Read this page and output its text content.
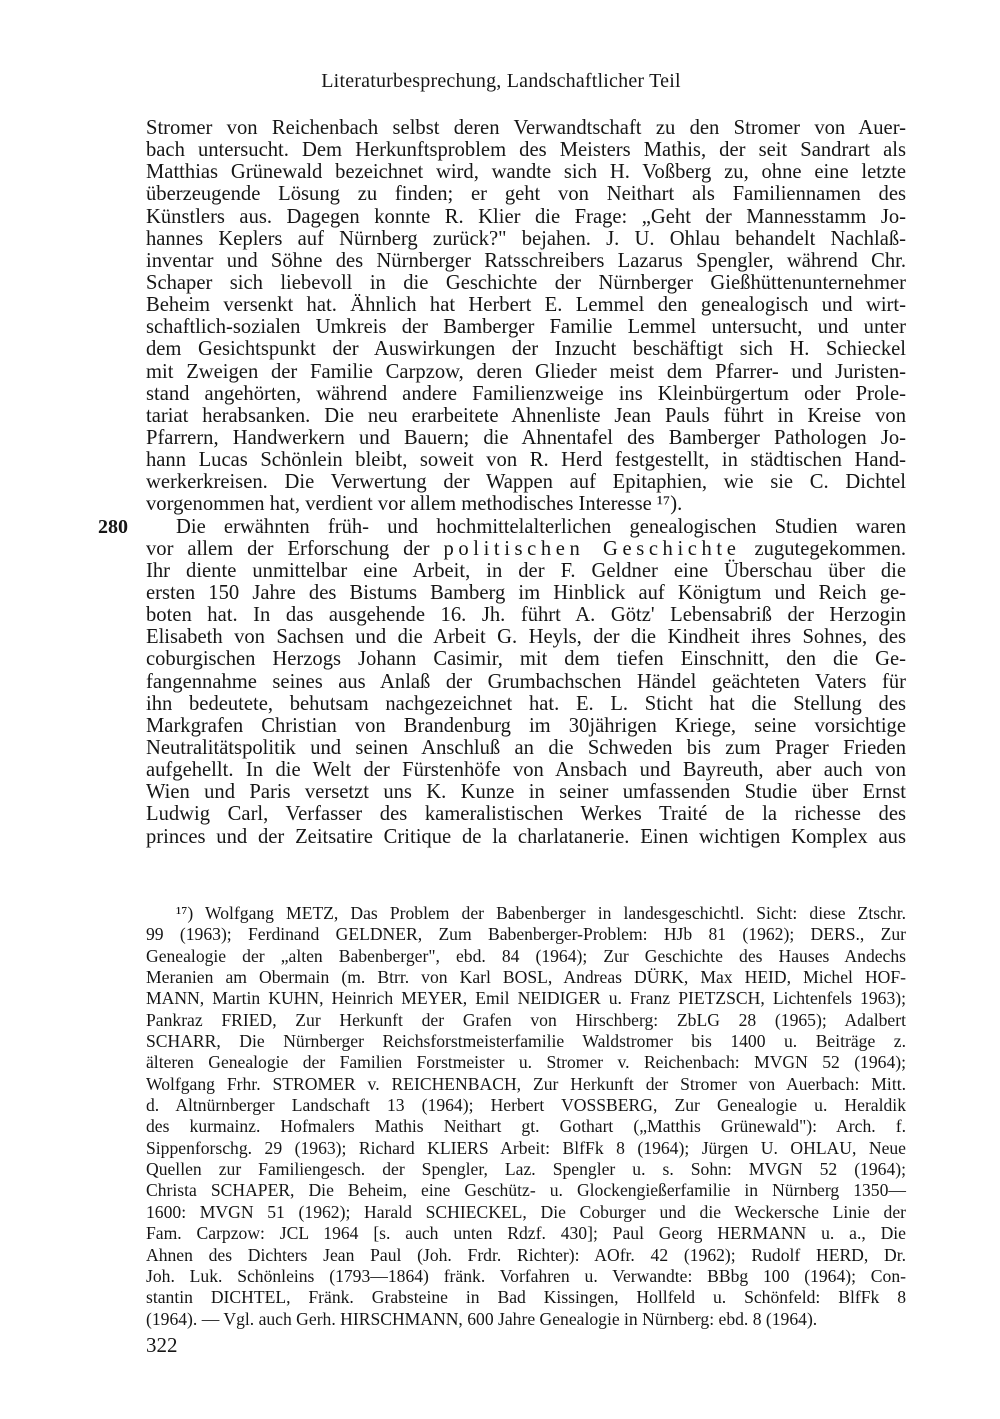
Literaturbesprechung, Landschaftlicher Teil
Stromer von Reichenbach selbst deren Verwandtschaft zu den Stromer von Auer-
bach untersucht. Dem Herkunftsproblem des Meisters Mathis, der seit Sandrart als
Matthias Grünewald bezeichnet wird, wandte sich H. Voßberg zu, ohne eine letzte
überzeugende Lösung zu finden; er geht von Neithart als Familiennamen des
Künstlers aus. Dagegen konnte R. Klier die Frage: „Geht der Mannesstamm Jo-
hannes Keplers auf Nürnberg zurück?" bejahen. J. U. Ohlau behandelt Nachlaß-
inventar und Söhne des Nürnberger Ratsschreibers Lazarus Spengler, während Chr.
Schaper sich liebevoll in die Geschichte der Nürnberger Gießhüttenunternehmer
Beheim versenkt hat. Ähnlich hat Herbert E. Lemmel den genealogisch und wirt-
schaftlich-sozialen Umkreis der Bamberger Familie Lemmel untersucht, und unter
dem Gesichtspunkt der Auswirkungen der Inzucht beschäftigt sich H. Schieckel
mit Zweigen der Familie Carpzow, deren Glieder meist dem Pfarrer- und Juristen-
stand angehörten, während andere Familienzweige ins Kleinbürgertum oder Prole-
tariat herabsanken. Die neu erarbeitete Ahnenliste Jean Pauls führt in Kreise von
Pfarrern, Handwerkern und Bauern; die Ahnentafel des Bamberger Pathologen Jo-
hann Lucas Schönlein bleibt, soweit von R. Herd festgestellt, in städtischen Hand-
werkerkreisen. Die Verwertung der Wappen auf Epitaphien, wie sie C. Dichtel
vorgenommen hat, verdient vor allem methodisches Interesse ¹⁷).
280 Die erwähnten früh- und hochmittelalterlichen genealogischen Studien waren
vor allem der Erforschung der politischen Geschichte zugutegekommen.
Ihr diente unmittelbar eine Arbeit, in der F. Geldner eine Überschau über die
ersten 150 Jahre des Bistums Bamberg im Hinblick auf Königtum und Reich ge-
boten hat. In das ausgehende 16. Jh. führt A. Götz' Lebensabriß der Herzogin
Elisabeth von Sachsen und die Arbeit G. Heyls, der die Kindheit ihres Sohnes, des
coburgischen Herzogs Johann Casimir, mit dem tiefen Einschnitt, den die Ge-
fangennahme seines aus Anlaß der Grumbachschen Händel geächteten Vaters für
ihn bedeutete, behutsam nachgezeichnet hat. E. L. Sticht hat die Stellung des
Markgrafen Christian von Brandenburg im 30jährigen Kriege, seine vorsichtige
Neutralitätspolitik und seinen Anschluß an die Schweden bis zum Prager Frieden
aufgehellt. In die Welt der Fürstenhöfe von Ansbach und Bayreuth, aber auch von
Wien und Paris versetzt uns K. Kunze in seiner umfassenden Studie über Ernst
Ludwig Carl, Verfasser des kameralistischen Werkes Traité de la richesse des
princes und der Zeitsatire Critique de la charlatanerie. Einen wichtigen Komplex aus
¹⁷) Wolfgang METZ, Das Problem der Babenberger in landesgeschichtl. Sicht: diese Ztschr.
99 (1963); Ferdinand GELDNER, Zum Babenberger-Problem: HJb 81 (1962); DERS., Zur
Genealogie der „alten Babenberger", ebd. 84 (1964); Zur Geschichte des Hauses Andechs
Meranien am Obermain (m. Btrr. von Karl BOSL, Andreas DÜRK, Max HEID, Michel HOF-
MANN, Martin KUHN, Heinrich MEYER, Emil NEIDIGER u. Franz PIETZSCH, Lichtenfels 1963);
Pankraz FRIED, Zur Herkunft der Grafen von Hirschberg: ZbLG 28 (1965); Adalbert
SCHARR, Die Nürnberger Reichsforstmeisterfamilie Waldstromer bis 1400 u. Beiträge z.
älteren Genealogie der Familien Forstmeister u. Stromer v. Reichenbach: MVGN 52 (1964);
Wolfgang Frhr. STROMER v. REICHENBACH, Zur Herkunft der Stromer von Auerbach: Mitt.
d. Altnürnberger Landschaft 13 (1964); Herbert VOSSBERG, Zur Genealogie u. Heraldik
des kurmainz. Hofmalers Mathis Neithart gt. Gothart („Matthis Grünewald"): Arch. f.
Sippenforschg. 29 (1963); Richard KLIERS Arbeit: BlfFk 8 (1964); Jürgen U. OHLAU, Neue
Quellen zur Familiengesch. der Spengler, Laz. Spengler u. s. Sohn: MVGN 52 (1964);
Christa SCHAPER, Die Beheim, eine Geschütz- u. Glockengießerfamilie in Nürnberg 1350—
1600: MVGN 51 (1962); Harald SCHIECKEL, Die Coburger und die Weckersche Linie der
Fam. Carpzow: JCL 1964 [s. auch unten Rdzf. 430]; Paul Georg HERMANN u. a., Die
Ahnen des Dichters Jean Paul (Joh. Frdr. Richter): AOfr. 42 (1962); Rudolf HERD, Dr.
Joh. Luk. Schönleins (1793—1864) fränk. Vorfahren u. Verwandte: BBbg 100 (1964); Con-
stantin DICHTEL, Fränk. Grabsteine in Bad Kissingen, Hollfeld u. Schönfeld: BlfFk 8
(1964). — Vgl. auch Gerh. HIRSCHMANN, 600 Jahre Genealogie in Nürnberg: ebd. 8 (1964).
322
